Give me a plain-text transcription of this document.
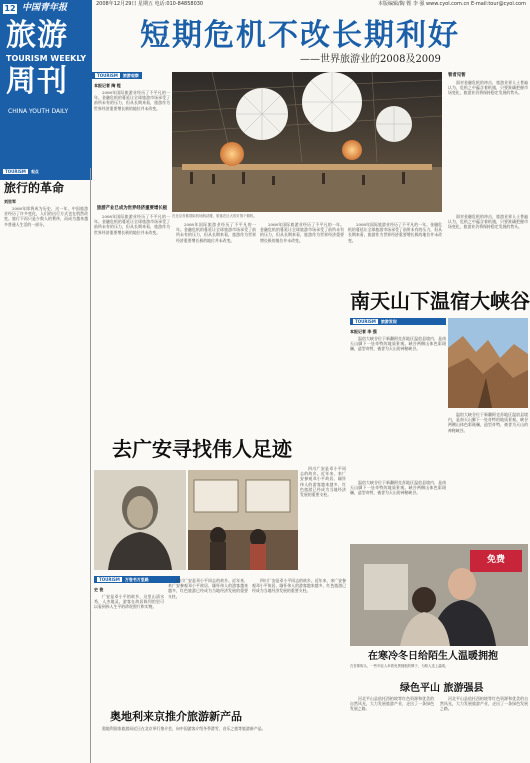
2008年12月29日 星期五 电话:010-84858030	本版编辑/陶 铿 李 强 www.cyol.com.cn E-mail:tour@cyol.com
12 中国青年报
旅游
TOURISM WEEKLY
周刊
CHINA YOUTH DAILY
短期危机不改长期利好
——世界旅游业的2008及2009
TOURISM 旅游观察
本报记者 陶 铿

2008年国际旅游业经历了不平凡的一年。金融危机的蔓延让全球旅游市场承受了前所未有的压力，但从长期来看，旅游作为世界经济重要增长极的地位并未改变。

旅游产业已成为世界经济重要增长极
在北京首都国际机场航站楼，旅客在巨大的灯饰下候机。

2008年国际旅游业经历了不平凡的一年。金融危机的蔓延让全球旅游市场承受了前所未有的压力，但从长期来看，旅游作为世界经济重要增长极的地位并未改变。

2008年国际旅游业经历了不平凡的一年。金融危机的蔓延让全球旅游市场承受了前所未有的压力，但从长期来看，旅游作为世界经济重要增长极的地位并未改变。

2008年国际旅游业经历了不平凡的一年。金融危机的蔓延让全球旅游市场承受了前所未有的压力，但从长期来看，旅游作为世界经济重要增长极的地位并未改变。

2008年国际旅游业经历了不平凡的一年。金融危机的蔓延让全球旅游市场承受了前所未有的压力，但从长期来看，旅游作为世界经济重要增长极的地位并未改变。

智者见智

面对金融危机的冲击，旅游业界人士普遍认为，危机之中蕴含着机遇，只要准确把握市场变化，旅游业仍将保持稳定发展的势头。

面对金融危机的冲击，旅游业界人士普遍认为，危机之中蕴含着机遇，只要准确把握市场变化，旅游业仍将保持稳定发展的势头。

TOURISM 观点
旅行的革命
刘世军

2008年即将成为历史，这一年，中国旅游业经历了许多变化，人们的出行方式也在悄然改变。旅行不再只是少数人的奢侈，而成为越来越多普通人生活的一部分。

南天山下温宿大峡谷
TOURISM 旅游发现
本报记者 李 强

温宿大峡谷位于新疆阿克苏地区温宿县境内，是南天山脚下一处奇特的地质景观。峡谷两侧山体色彩斑斓，造型奇特，被誉为天山的神秘峡谷。

温宿大峡谷位于新疆阿克苏地区温宿县境内，是南天山脚下一处奇特的地质景观。峡谷两侧山体色彩斑斓，造型奇特，被誉为天山的神秘峡谷。

温宿大峡谷位于新疆阿克苏地区温宿县境内，是南天山脚下一处奇特的地质景观。峡谷两侧山体色彩斑斓，造型奇特，被誉为天山的神秘峡谷。

去广安寻找伟人足迹

四川广安是邓小平同志的故乡。近年来，来广安参观邓小平故居、缅怀伟人的游客越来越多，红色旅游已经成为当地经济发展的重要支柱。

TOURISM 万卷书万里路
史 俊

广安是邓小平的故乡，这里山清水秀，人杰地灵。游客在故居陈列馆里可以看到伟人生平的珍贵照片和实物。

四川广安是邓小平同志的故乡。近年来，来广安参观邓小平故居、缅怀伟人的游客越来越多，红色旅游已经成为当地经济发展的重要支柱。

四川广安是邓小平同志的故乡。近年来，来广安参观邓小平故居、缅怀伟人的游客越来越多，红色旅游已经成为当地经济发展的重要支柱。

奥地利来京推介旅游新产品

奥地利国家旅游局近日在北京举行推介会，向中国游客介绍冬季滑雪、音乐之旅等旅游新产品。

免费
在寒冷冬日给陌生人温暖拥抱
在首都街头，一些年轻人举着免费拥抱的牌子，为路人送上温暖。
绿色平山 旅游强县

河北平山县依托西柏坡等红色资源和优美的自然风光，大力发展旅游产业，走出了一条绿色发展之路。

河北平山县依托西柏坡等红色资源和优美的自然风光，大力发展旅游产业，走出了一条绿色发展之路。
